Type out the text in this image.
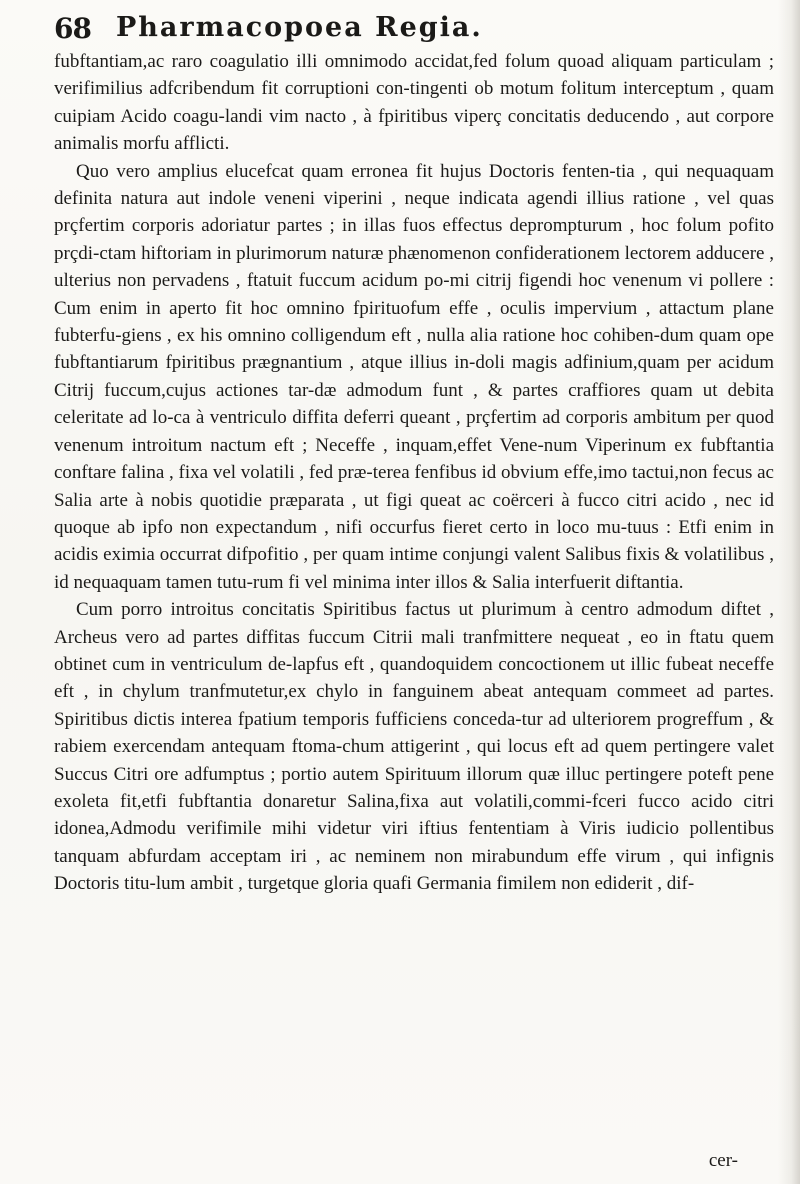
68 Pharmacopoea Regia.

fubftantiam,ac raro coagulatio illi omnimodo accidat,fed folum quoad aliquam particulam ; verifimilius adfcribendum fit corruptioni con-tingenti ob motum folitum interceptum , quam cuipiam Acido coagu-landi vim nacto , à fpiritibus viperç concitatis deducendo , aut corpore animalis morfu afflicti.

Quo vero amplius elucefcat quam erronea fit hujus Doctoris fenten-tia , qui nequaquam definita natura aut indole veneni viperini , neque indicata agendi illius ratione , vel quas prçfertim corporis adoriatur partes ; in illas fuos effectus deprompturum , hoc folum pofito prçdi-ctam hiftoriam in plurimorum naturæ phænomenon confiderationem lectorem adducere , ulterius non pervadens , ftatuit fuccum acidum po-mi citrij figendi hoc venenum vi pollere : Cum enim in aperto fit hoc omnino fpirituofum effe , oculis impervium , attactum plane fubterfu-giens , ex his omnino colligendum eft , nulla alia ratione hoc cohiben-dum quam ope fubftantiarum fpiritibus prægnantium , atque illius in-doli magis adfinium,quam per acidum Citrij fuccum,cujus actiones tar-dæ admodum funt , & partes craffiores quam ut debita celeritate ad lo-ca à ventriculo diffita deferri queant , prçfertim ad corporis ambitum per quod venenum introitum nactum eft ; Neceffe , inquam,effet Vene-num Viperinum ex fubftantia conftare falina , fixa vel volatili , fed præ-terea fenfibus id obvium effe,imo tactui,non fecus ac Salia arte à nobis quotidie præparata , ut figi queat ac coërceri à fucco citri acido , nec id quoque ab ipfo non expectandum , nifi occurfus fieret certo in loco mu-tuus : Etfi enim in acidis eximia occurrat difpofitio , per quam intime conjungi valent Salibus fixis & volatilibus , id nequaquam tamen tutu-rum fi vel minima inter illos & Salia interfuerit diftantia.

Cum porro introitus concitatis Spiritibus factus ut plurimum à centro admodum diftet , Archeus vero ad partes diffitas fuccum Citrii mali tranfmittere nequeat , eo in ftatu quem obtinet cum in ventriculum de-lapfus eft , quandoquidem concoctionem ut illic fubeat neceffe eft , in chylum tranfmutetur,ex chylo in fanguinem abeat antequam commeet ad partes. Spiritibus dictis interea fpatium temporis fufficiens conceda-tur ad ulteriorem progreffum , & rabiem exercendam antequam ftoma-chum attigerint , qui locus eft ad quem pertingere valet Succus Citri ore adfumptus ; portio autem Spirituum illorum quæ illuc pertingere poteft pene exoleta fit,etfi fubftantia donaretur Salina,fixa aut volatili,commi-fceri fucco acido citri idonea,Admodu verifimile mihi videtur viri iftius fententiam à Viris iudicio pollentibus tanquam abfurdam acceptam iri , ac neminem non mirabundum effe virum , qui infignis Doctoris titu-lum ambit , turgetque gloria quafi Germania fimilem non ediderit , dif-

cer-
